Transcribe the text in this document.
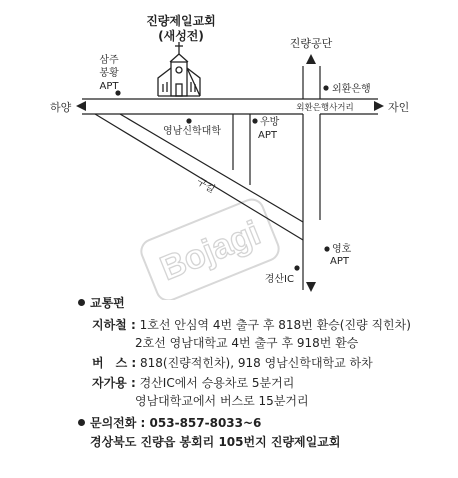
Bojagi
진량제일교회
(새성전)
삼주
봉황
APT
하양	자인
진량공단
외환은행
외환은행사거리
영남신학대학
우방
APT
구길
영호
APT
경산IC
교통편
지하철 : 1호선 안심역 4번 출구 후 818번 환승(진량 직힌차)
2호선 영남대학교 4번 출구 후 918번 환승
버　스 : 818(진량적힌차), 918 영남신학대학교 하차
자가용 : 경산IC에서 승용차로 5분거리
영남대학교에서 버스로 15분거리
문의전화 : 053-857-8033~6
경상북도 진량읍 봉회리 105번지 진량제일교회
